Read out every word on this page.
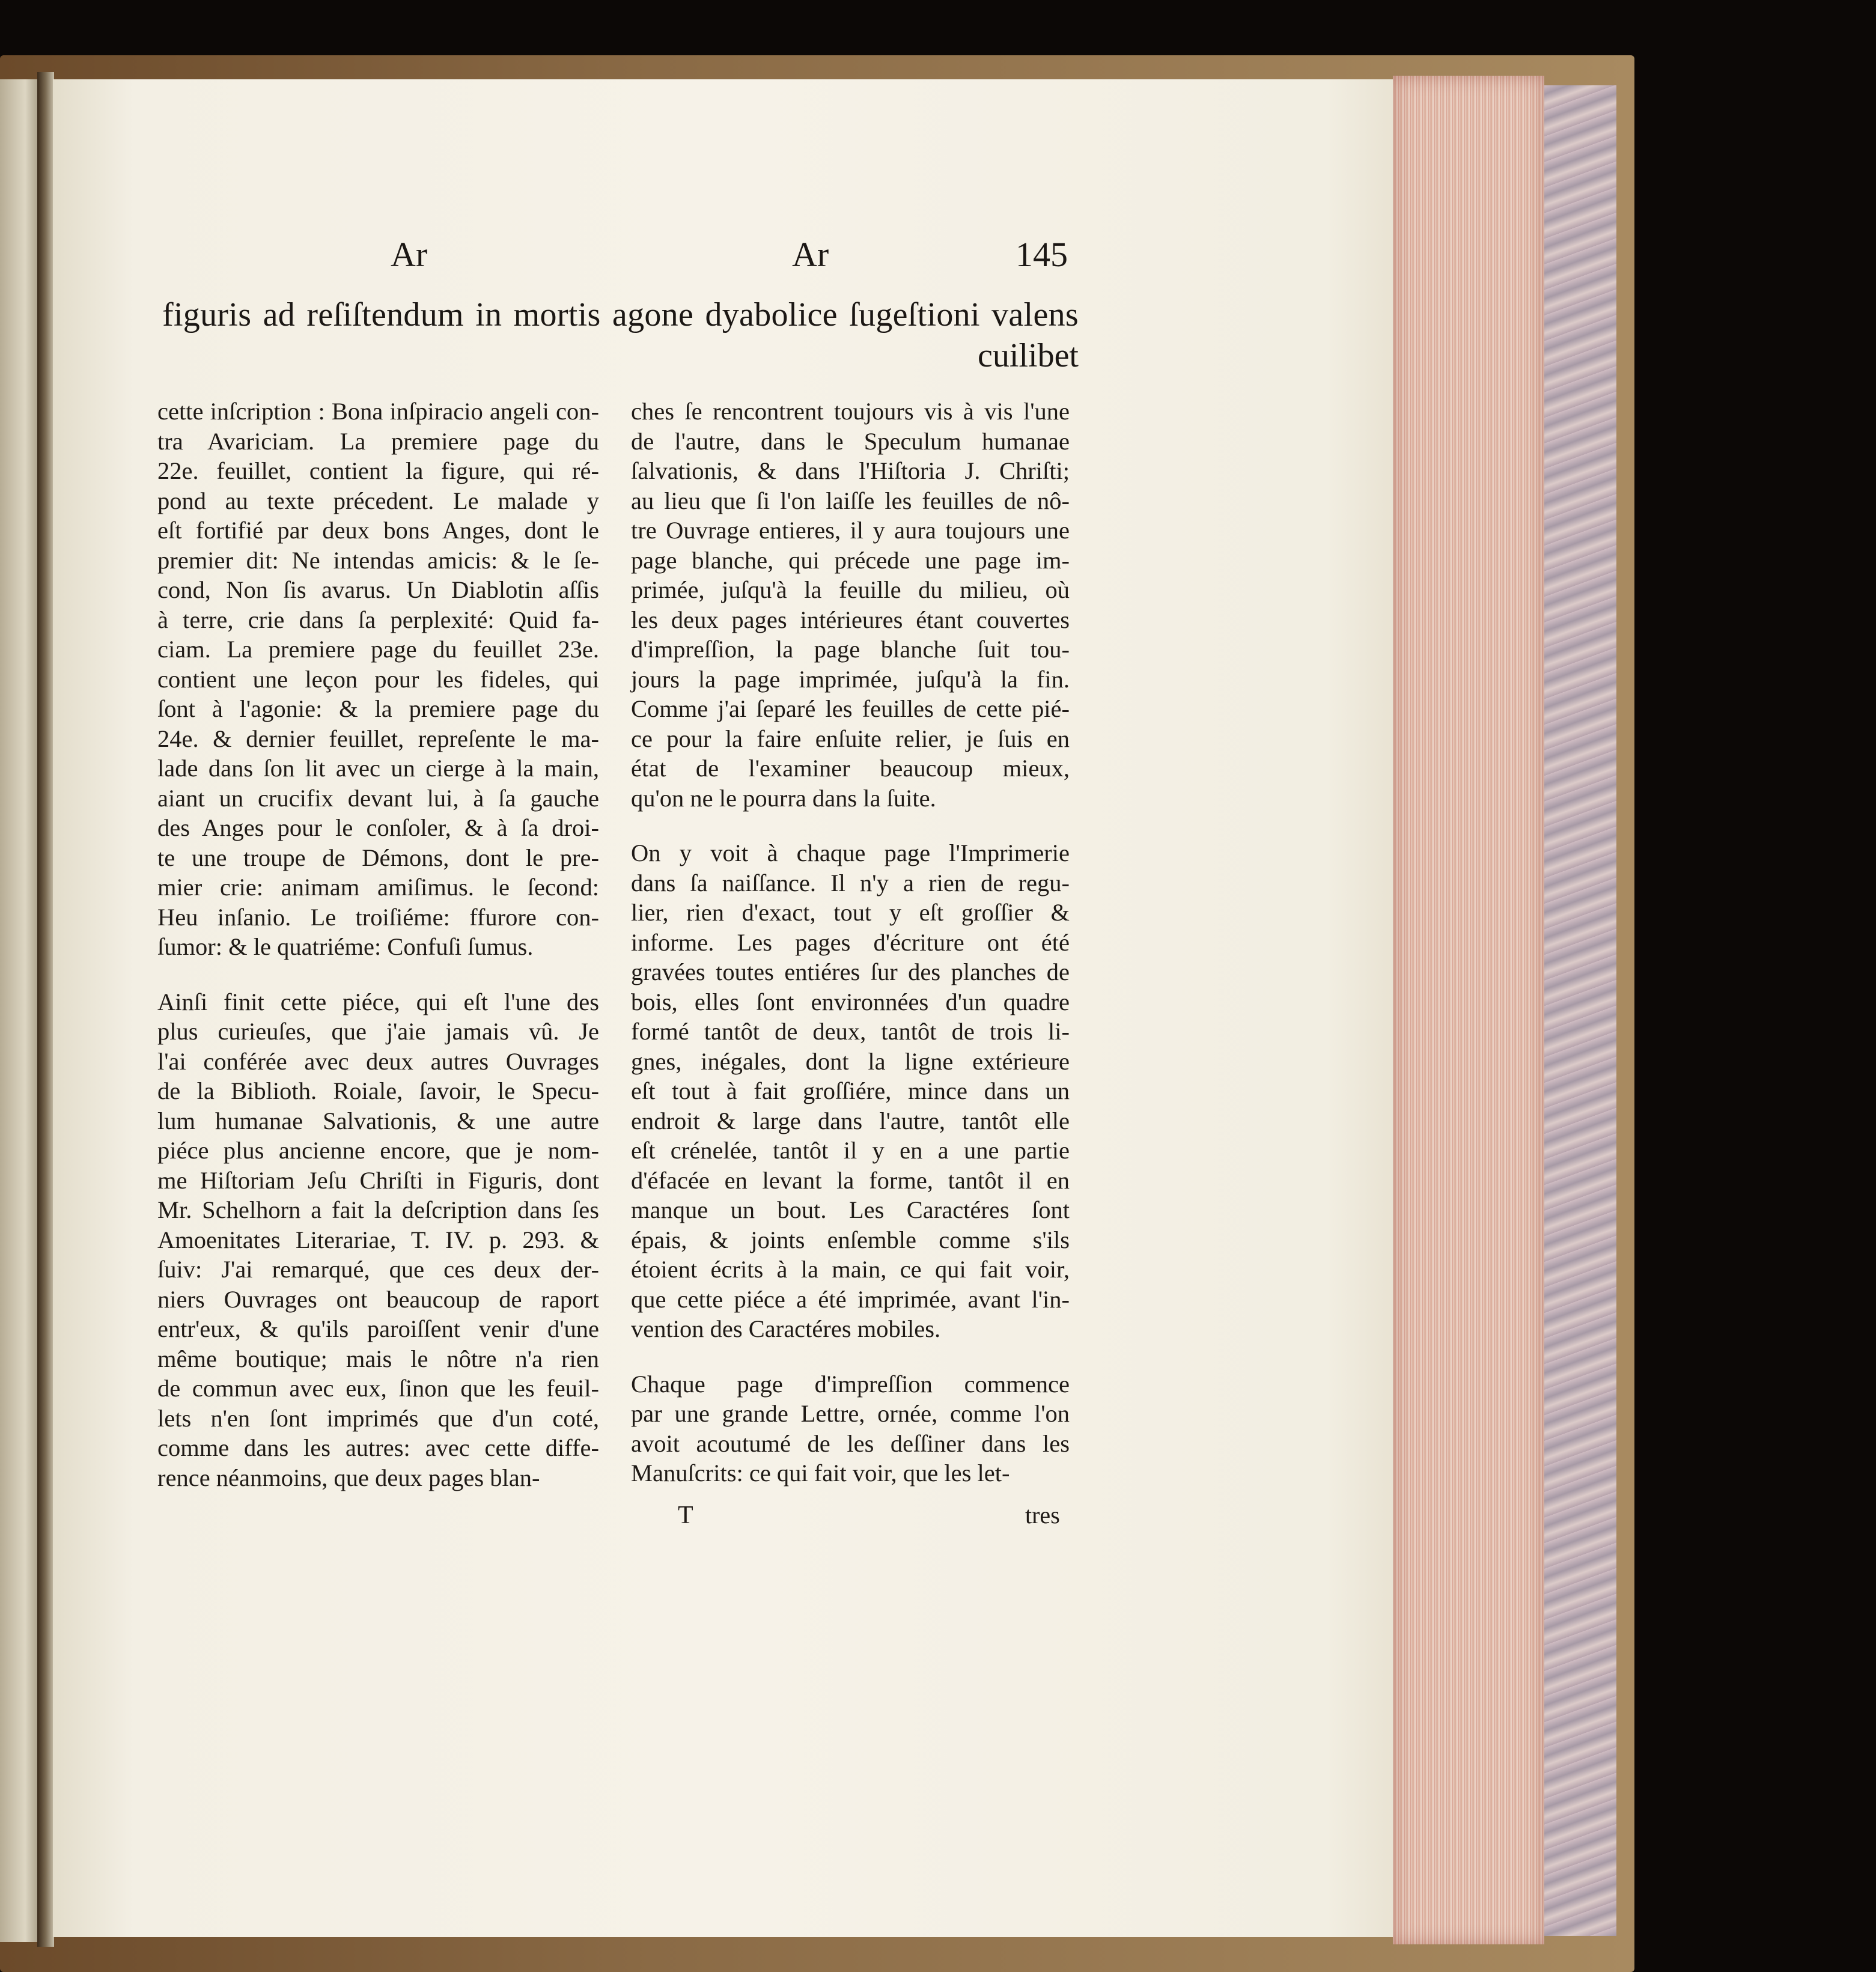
Ar	Ar	145
figuris ad reſiſtendum in mortis agone dyabolice ſugeſtioni valens
cuilibet
cette inſcription : Bona inſpiracio angeli con-
tra Avariciam. La premiere page du
22e. feuillet, contient la figure, qui ré-
pond au texte précedent. Le malade y
eſt fortifié par deux bons Anges, dont le
premier dit: Ne intendas amicis: & le ſe-
cond, Non ſis avarus. Un Diablotin aſſis
à terre, crie dans ſa perplexité: Quid fa-
ciam. La premiere page du feuillet 23e.
contient une leçon pour les fideles, qui
ſont à l'agonie: & la premiere page du
24e. & dernier feuillet, repreſente le ma-
lade dans ſon lit avec un cierge à la main,
aiant un crucifix devant lui, à ſa gauche
des Anges pour le conſoler, & à ſa droi-
te une troupe de Démons, dont le pre-
mier crie: animam amiſimus. le ſecond:
Heu inſanio. Le troiſiéme: ffurore con-
ſumor: & le quatriéme: Confuſi ſumus.
Ainſi finit cette piéce, qui eſt l'une des
plus curieuſes, que j'aie jamais vû. Je
l'ai conférée avec deux autres Ouvrages
de la Biblioth. Roiale, ſavoir, le Specu-
lum humanae Salvationis, & une autre
piéce plus ancienne encore, que je nom-
me Hiſtoriam Jeſu Chriſti in Figuris, dont
Mr. Schelhorn a fait la deſcription dans ſes
Amoenitates Literariae, T. IV. p. 293. &
ſuiv: J'ai remarqué, que ces deux der-
niers Ouvrages ont beaucoup de raport
entr'eux, & qu'ils paroiſſent venir d'une
même boutique; mais le nôtre n'a rien
de commun avec eux, ſinon que les feuil-
lets n'en ſont imprimés que d'un coté,
comme dans les autres: avec cette diffe-
rence néanmoins, que deux pages blan-
ches ſe rencontrent toujours vis à vis l'une
de l'autre, dans le Speculum humanae
ſalvationis, & dans l'Hiſtoria J. Chriſti;
au lieu que ſi l'on laiſſe les feuilles de nô-
tre Ouvrage entieres, il y aura toujours une
page blanche, qui précede une page im-
primée, juſqu'à la feuille du milieu, où
les deux pages intérieures étant couvertes
d'impreſſion, la page blanche ſuit tou-
jours la page imprimée, juſqu'à la fin.
Comme j'ai ſeparé les feuilles de cette pié-
ce pour la faire enſuite relier, je ſuis en
état de l'examiner beaucoup mieux,
qu'on ne le pourra dans la ſuite.
On y voit à chaque page l'Imprimerie
dans ſa naiſſance. Il n'y a rien de regu-
lier, rien d'exact, tout y eſt groſſier &
informe. Les pages d'écriture ont été
gravées toutes entiéres ſur des planches de
bois, elles ſont environnées d'un quadre
formé tantôt de deux, tantôt de trois li-
gnes, inégales, dont la ligne extérieure
eſt tout à fait groſſiére, mince dans un
endroit & large dans l'autre, tantôt elle
eſt crénelée, tantôt il y en a une partie
d'éfacée en levant la forme, tantôt il en
manque un bout. Les Caractéres ſont
épais, & joints enſemble comme s'ils
étoient écrits à la main, ce qui fait voir,
que cette piéce a été imprimée, avant l'in-
vention des Caractéres mobiles.
Chaque page d'impreſſion commence
par une grande Lettre, ornée, comme l'on
avoit acoutumé de les deſſiner dans les
Manuſcrits: ce qui fait voir, que les let-
T	tres
